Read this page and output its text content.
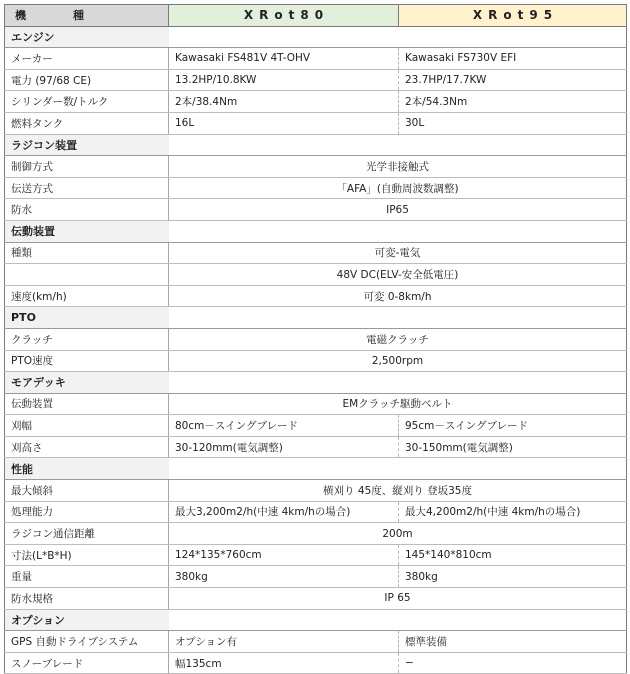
機　種	XRot80	XRot95
エンジン		
メーカー	Kawasaki FS481V 4T-OHV	Kawasaki FS730V EFI
電力 (97/68 CE)	13.2HP/10.8KW	23.7HP/17.7KW
シリンダー数/トルク	2本/38.4Nm	2本/54.3Nm
燃料タンク	16L	30L
ラジコン装置		
制御方式	光学非接触式	
伝送方式	「AFA」(自動周波数調整)	
防水	IP65	
伝動装置		
種類	可変-電気	
	48V DC(ELV-安全低電圧)	
速度(km/h)	可変 0-8km/h	
PTO		
クラッチ	電磁クラッチ	
PTO速度	2,500rpm	
モアデッキ		
伝動装置	EMクラッチ駆動ベルト	
刈幅	80cm－スイングブレード	95cm－スイングブレード
刈高さ	30-120mm(電気調整)	30-150mm(電気調整)
性能		
最大傾斜	横刈り 45度、縦刈り 登坂35度	
処理能力	最大3,200m2/h(中速 4km/hの場合)	最大4,200m2/h(中速 4km/hの場合)
ラジコン通信距離	200m	
寸法(L*B*H)	124*135*760cm	145*140*810cm
重量	380kg	380kg
防水規格	IP 65	
オプション		
GPS 自動ドライブシステム	オプション有	標準装備
スノーブレード	幅135cm	−
